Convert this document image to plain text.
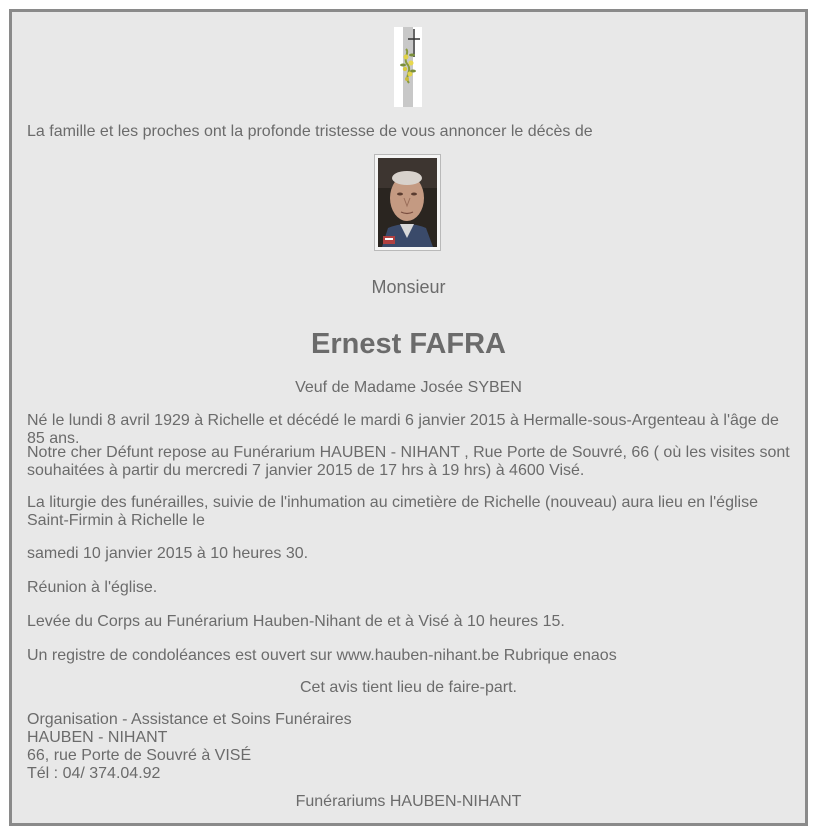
La famille et les proches ont la profonde tristesse de vous annoncer le décès de
Monsieur
Ernest FAFRA
Veuf de Madame Josée SYBEN
Né le lundi 8 avril 1929 à Richelle et décédé le mardi 6 janvier 2015 à Hermalle-sous-Argenteau à l'âge de 85 ans.
Notre cher Défunt repose au Funérarium HAUBEN - NIHANT , Rue Porte de Souvré, 66 ( où les visites sont souhaitées à partir du mercredi 7 janvier 2015 de 17 hrs à 19 hrs) à 4600 Visé.
La liturgie des funérailles, suivie de l'inhumation au cimetière de Richelle (nouveau) aura lieu en l'église Saint-Firmin à Richelle le
samedi 10 janvier 2015 à 10 heures 30.
Réunion à l'église.
Levée du Corps au Funérarium Hauben-Nihant de et à Visé à 10 heures 15.
Un registre de condoléances est ouvert sur www.hauben-nihant.be Rubrique enaos
Cet avis tient lieu de faire-part.
Organisation - Assistance et Soins Funéraires
HAUBEN - NIHANT
66, rue Porte de Souvré à VISÉ
Tél : 04/ 374.04.92
Funérariums HAUBEN-NIHANT
